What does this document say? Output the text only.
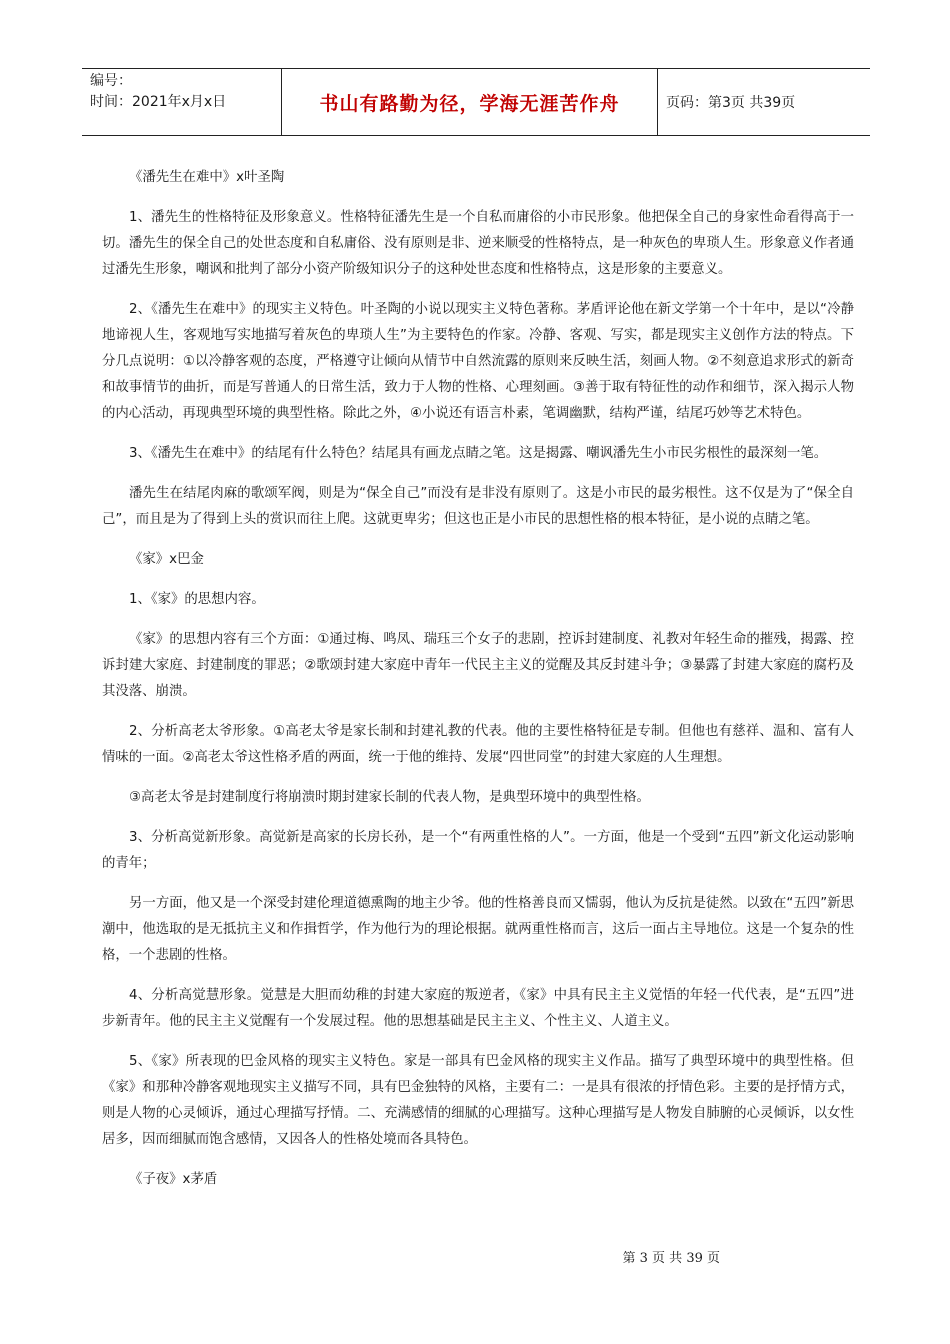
编号：
时间：2021年x月x日	书山有路勤为径，学海无涯苦作舟	页码：第3页 共39页

《潘先生在难中》x叶圣陶

1、潘先生的性格特征及形象意义。性格特征潘先生是一个自私而庸俗的小市民形象。他把保全自己的身家性命看得高于一切。潘先生的保全自己的处世态度和自私庸俗、没有原则是非、逆来顺受的性格特点，是一种灰色的卑琐人生。形象意义作者通过潘先生形象，嘲讽和批判了部分小资产阶级知识分子的这种处世态度和性格特点，这是形象的主要意义。

2、《潘先生在难中》的现实主义特色。叶圣陶的小说以现实主义特色著称。茅盾评论他在新文学第一个十年中，是以“冷静地谛视人生，客观地写实地描写着灰色的卑琐人生”为主要特色的作家。冷静、客观、写实，都是现实主义创作方法的特点。下分几点说明：①以冷静客观的态度，严格遵守让倾向从情节中自然流露的原则来反映生活，刻画人物。②不刻意追求形式的新奇和故事情节的曲折，而是写普通人的日常生活，致力于人物的性格、心理刻画。③善于取有特征性的动作和细节，深入揭示人物的内心活动，再现典型环境的典型性格。除此之外，④小说还有语言朴素，笔调幽默，结构严谨，结尾巧妙等艺术特色。

3、《潘先生在难中》的结尾有什么特色？结尾具有画龙点睛之笔。这是揭露、嘲讽潘先生小市民劣根性的最深刻一笔。

潘先生在结尾肉麻的歌颂军阀，则是为“保全自己”而没有是非没有原则了。这是小市民的最劣根性。这不仅是为了“保全自己”，而且是为了得到上头的赏识而往上爬。这就更卑劣；但这也正是小市民的思想性格的根本特征，是小说的点睛之笔。

《家》x巴金

1、《家》的思想内容。

《家》的思想内容有三个方面：①通过梅、鸣凤、瑞珏三个女子的悲剧，控诉封建制度、礼教对年轻生命的摧残，揭露、控诉封建大家庭、封建制度的罪恶；②歌颂封建大家庭中青年一代民主主义的觉醒及其反封建斗争；③暴露了封建大家庭的腐朽及其没落、崩溃。

2、分析高老太爷形象。①高老太爷是家长制和封建礼教的代表。他的主要性格特征是专制。但他也有慈祥、温和、富有人情味的一面。②高老太爷这性格矛盾的两面，统一于他的维持、发展“四世同堂”的封建大家庭的人生理想。

③高老太爷是封建制度行将崩溃时期封建家长制的代表人物，是典型环境中的典型性格。

3、分析高觉新形象。高觉新是高家的长房长孙，是一个“有两重性格的人”。一方面，他是一个受到“五四”新文化运动影响的青年；

另一方面，他又是一个深受封建伦理道德熏陶的地主少爷。他的性格善良而又懦弱，他认为反抗是徒然。以致在“五四”新思潮中，他选取的是无抵抗主义和作揖哲学，作为他行为的理论根据。就两重性格而言，这后一面占主导地位。这是一个复杂的性格，一个悲剧的性格。

4、分析高觉慧形象。觉慧是大胆而幼稚的封建大家庭的叛逆者，《家》中具有民主主义觉悟的年轻一代代表，是“五四”进步新青年。他的民主主义觉醒有一个发展过程。他的思想基础是民主主义、个性主义、人道主义。

5、《家》所表现的巴金风格的现实主义特色。家是一部具有巴金风格的现实主义作品。描写了典型环境中的典型性格。但《家》和那种冷静客观地现实主义描写不同，具有巴金独特的风格，主要有二：一是具有很浓的抒情色彩。主要的是抒情方式，则是人物的心灵倾诉，通过心理描写抒情。二、充满感情的细腻的心理描写。这种心理描写是人物发自肺腑的心灵倾诉，以女性居多，因而细腻而饱含感情，又因各人的性格处境而各具特色。

《子夜》x茅盾

第 3 页 共 39 页
